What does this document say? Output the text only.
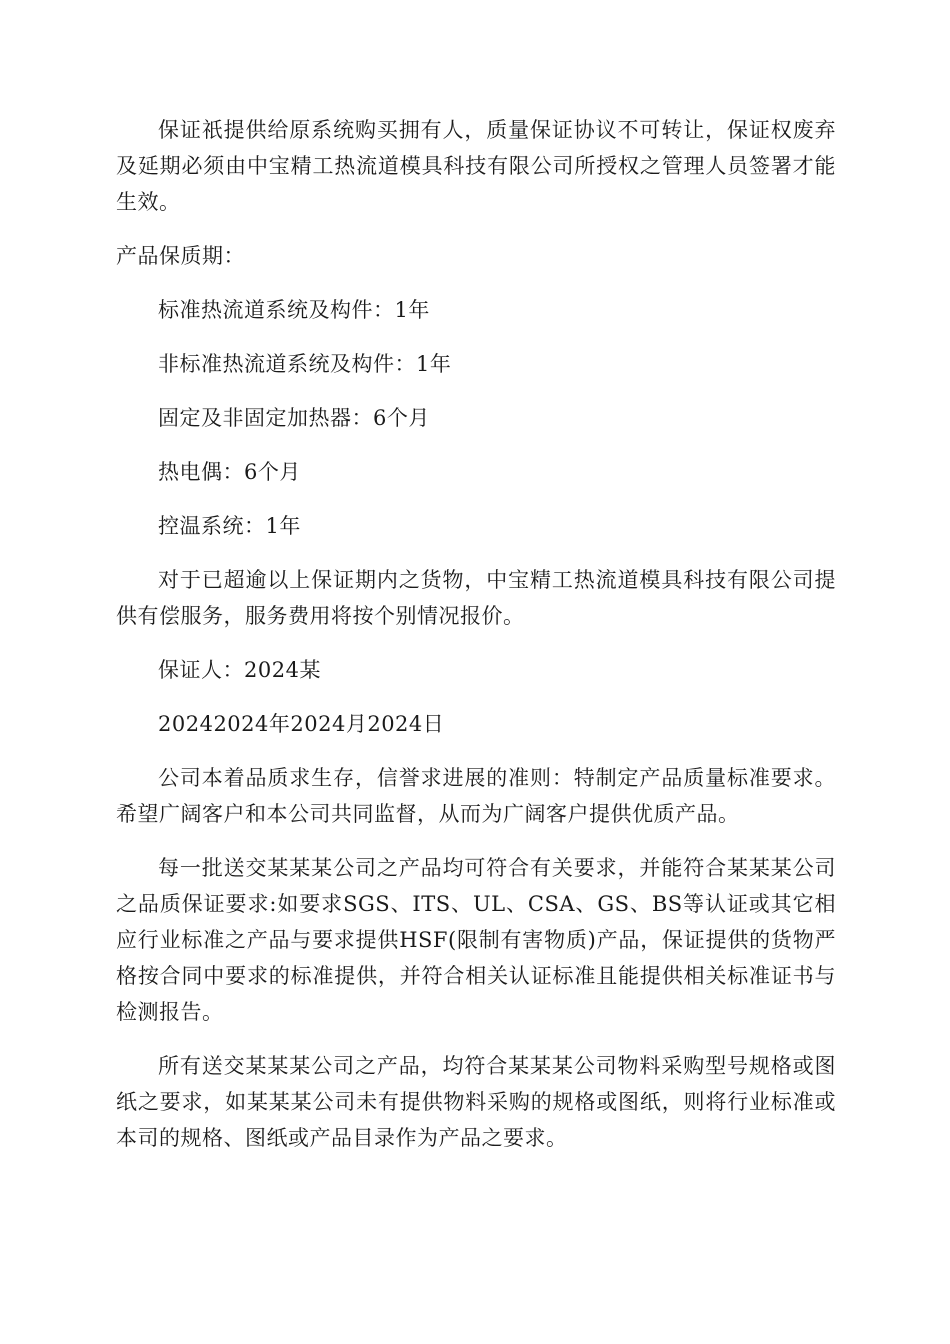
保证祇提供给原系统购买拥有人，质量保证协议不可转让，保证权废弃及延期必须由中宝精工热流道模具科技有限公司所授权之管理人员签署才能生效。

产品保质期：

标准热流道系统及构件：1年

非标准热流道系统及构件：1年

固定及非固定加热器：6个月

热电偶：6个月

控温系统：1年

对于已超逾以上保证期内之货物，中宝精工热流道模具科技有限公司提供有偿服务，服务费用将按个别情况报价。

保证人：2024某

20242024年2024月2024日

公司本着品质求生存，信誉求进展的准则：特制定产品质量标准要求。希望广阔客户和本公司共同监督，从而为广阔客户提供优质产品。

每一批送交某某某公司之产品均可符合有关要求，并能符合某某某公司之品质保证要求:如要求SGS、ITS、UL、CSA、GS、BS等认证或其它相应行业标准之产品与要求提供HSF(限制有害物质)产品，保证提供的货物严格按合同中要求的标准提供，并符合相关认证标准且能提供相关标准证书与检测报告。

所有送交某某某公司之产品，均符合某某某公司物料采购型号规格或图纸之要求，如某某某公司未有提供物料采购的规格或图纸，则将行业标准或本司的规格、图纸或产品目录作为产品之要求。
